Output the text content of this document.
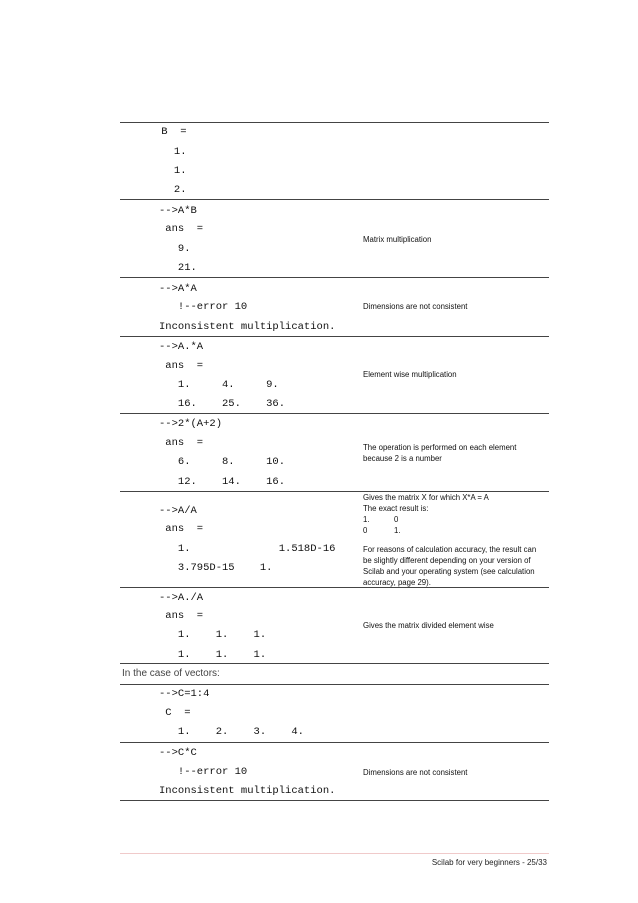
B  =
1.
1.
2.
-->A*B
ans  =
9.
21.
Matrix multiplication
-->A*A
!--error 10
Inconsistent multiplication.
Dimensions are not consistent
-->A.*A
ans  =
1.     4.     9.
16.    25.    36.
Element wise multiplication
-->2*(A+2)
ans  =
6.     8.     10.
12.    14.    16.
The operation is performed on each element
because 2 is a number
-->A/A
ans  =
1.              1.518D-16
3.795D-15    1.
Gives the matrix X for which X*A = A
The exact result is:
1.	0
0	1.
For reasons of calculation accuracy, the result can
be slightly different depending on your version of
Scilab and your operating system (see calculation
accuracy, page 29).
-->A./A
ans  =
1.    1.    1.
1.    1.    1.
Gives the matrix divided element wise
In the case of vectors:
-->C=1:4
C  =
1.    2.    3.    4.
-->C*C
!--error 10
Inconsistent multiplication.
Dimensions are not consistent
Scilab for very beginners - 25/33
